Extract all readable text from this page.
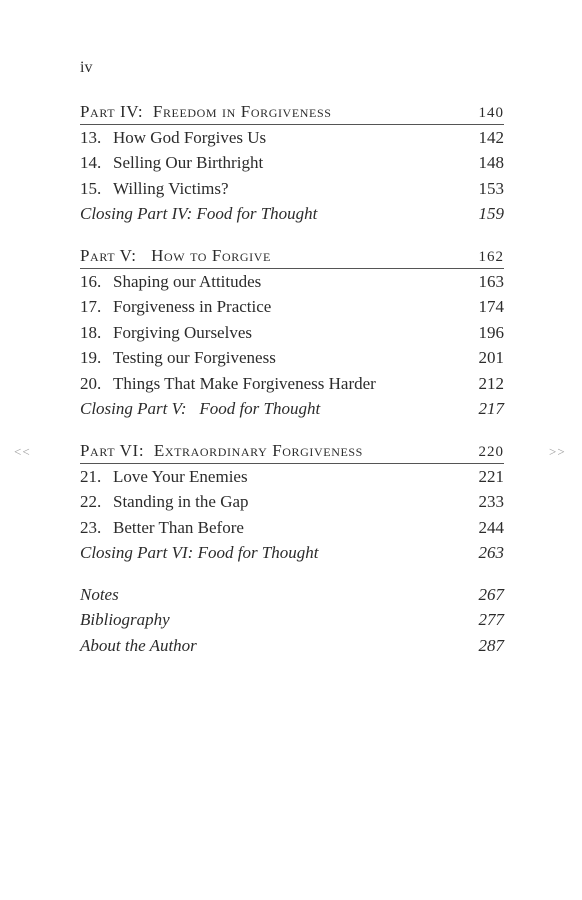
iv
<<	>>
Part IV:  Freedom in Forgiveness	140
13. How God Forgives Us	142
14. Selling Our Birthright	148
15. Willing Victims?	153
Closing Part IV: Food for Thought	159
Part V:   How to Forgive	162
16. Shaping our Attitudes	163
17. Forgiveness in Practice	174
18. Forgiving Ourselves	196
19. Testing our Forgiveness	201
20. Things That Make Forgiveness Harder	212
Closing Part V:   Food for Thought	217
Part VI:  Extraordinary Forgiveness	220
21. Love Your Enemies	221
22. Standing in the Gap	233
23. Better Than Before	244
Closing Part VI: Food for Thought	263
Notes	267
Bibliography	277
About the Author	287
